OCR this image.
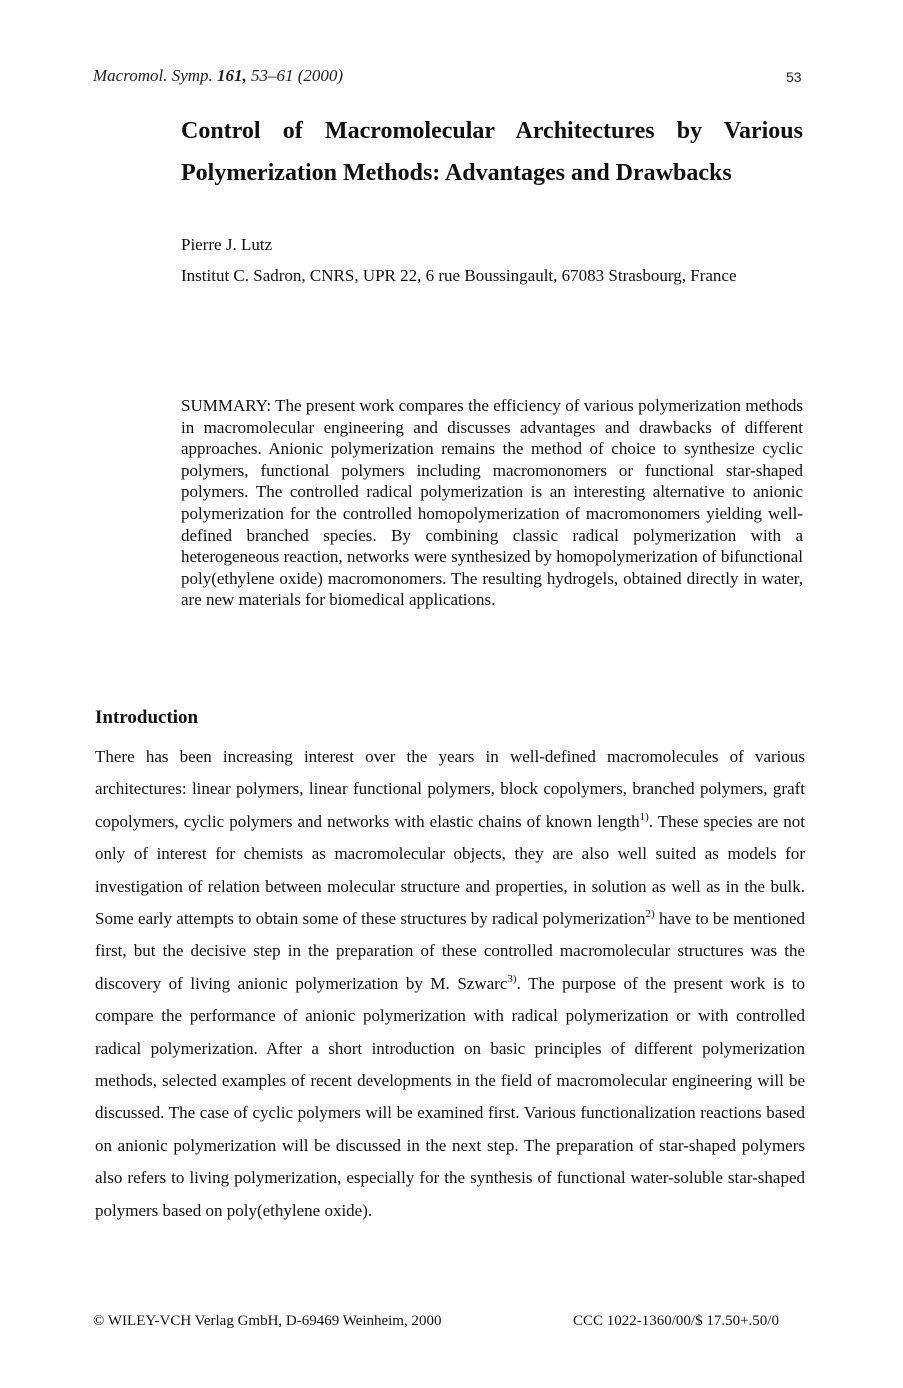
Macromol. Symp. 161, 53–61 (2000)	53
Control of Macromolecular Architectures by Various
Polymerization Methods: Advantages and Drawbacks
Pierre J. Lutz
Institut C. Sadron, CNRS, UPR 22, 6 rue Boussingault, 67083 Strasbourg, France

SUMMARY: The present work compares the efficiency of various polymerization methods in macromolecular engineering and discusses advantages and drawbacks of different approaches. Anionic polymerization remains the method of choice to synthesize cyclic polymers, functional polymers including macromonomers or functional star-shaped polymers. The controlled radical polymerization is an interesting alternative to anionic polymerization for the controlled homopolymerization of macromonomers yielding well-defined branched species. By combining classic radical polymerization with a heterogeneous reaction, networks were synthesized by homopolymerization of bifunctional poly(ethylene oxide) macromonomers. The resulting hydrogels, obtained directly in water, are new materials for biomedical applications.

Introduction

There has been increasing interest over the years in well-defined macromolecules of various architectures: linear polymers, linear functional polymers, block copolymers, branched polymers, graft copolymers, cyclic polymers and networks with elastic chains of known length$^{1)}$. These species are not only of interest for chemists as macromolecular objects, they are also well suited as models for investigation of relation between molecular structure and properties, in solution as well as in the bulk. Some early attempts to obtain some of these structures by radical polymerization$^{2)}$ have to be mentioned first, but the decisive step in the preparation of these controlled macromolecular structures was the discovery of living anionic polymerization by M. Szwarc$^{3)}$. The purpose of the present work is to compare the performance of anionic polymerization with radical polymerization or with controlled radical polymerization. After a short introduction on basic principles of different polymerization methods, selected examples of recent developments in the field of macromolecular engineering will be discussed. The case of cyclic polymers will be examined first. Various functionalization reactions based on anionic polymerization will be discussed in the next step. The preparation of star-shaped polymers also refers to living polymerization, especially for the synthesis of functional water-soluble star-shaped polymers based on poly(ethylene oxide).

© WILEY-VCH Verlag GmbH, D-69469 Weinheim, 2000	CCC 1022-1360/00/$ 17.50+.50/0
